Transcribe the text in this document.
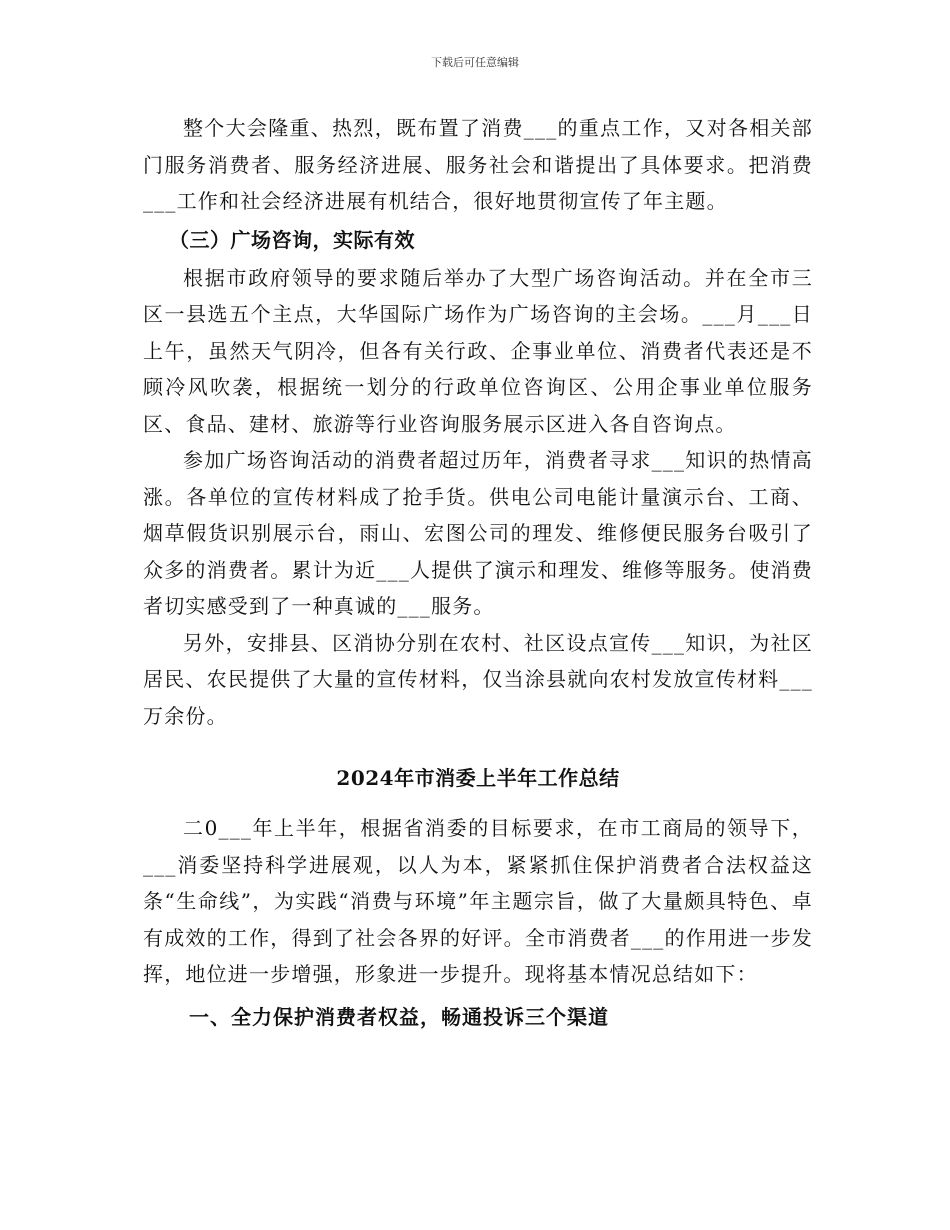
下载后可任意编辑

整个大会隆重、热烈，既布置了消费___的重点工作，又对各相关部门服务消费者、服务经济进展、服务社会和谐提出了具体要求。把消费___工作和社会经济进展有机结合，很好地贯彻宣传了年主题。

（三）广场咨询，实际有效

根据市政府领导的要求随后举办了大型广场咨询活动。并在全市三区一县选五个主点，大华国际广场作为广场咨询的主会场。___月___日上午，虽然天气阴冷，但各有关行政、企事业单位、消费者代表还是不顾冷风吹袭，根据统一划分的行政单位咨询区、公用企事业单位服务区、食品、建材、旅游等行业咨询服务展示区进入各自咨询点。

参加广场咨询活动的消费者超过历年，消费者寻求___知识的热情高涨。各单位的宣传材料成了抢手货。供电公司电能计量演示台、工商、烟草假货识别展示台，雨山、宏图公司的理发、维修便民服务台吸引了众多的消费者。累计为近___人提供了演示和理发、维修等服务。使消费者切实感受到了一种真诚的___服务。

另外，安排县、区消协分别在农村、社区设点宣传___知识，为社区居民、农民提供了大量的宣传材料，仅当涂县就向农村发放宣传材料___万余份。

2024年市消委上半年工作总结

二0___年上半年，根据省消委的目标要求，在市工商局的领导下，___消委坚持科学进展观，以人为本，紧紧抓住保护消费者合法权益这条“生命线”，为实践“消费与环境”年主题宗旨，做了大量颇具特色、卓有成效的工作，得到了社会各界的好评。全市消费者___的作用进一步发挥，地位进一步增强，形象进一步提升。现将基本情况总结如下：

一、全力保护消费者权益，畅通投诉三个渠道
